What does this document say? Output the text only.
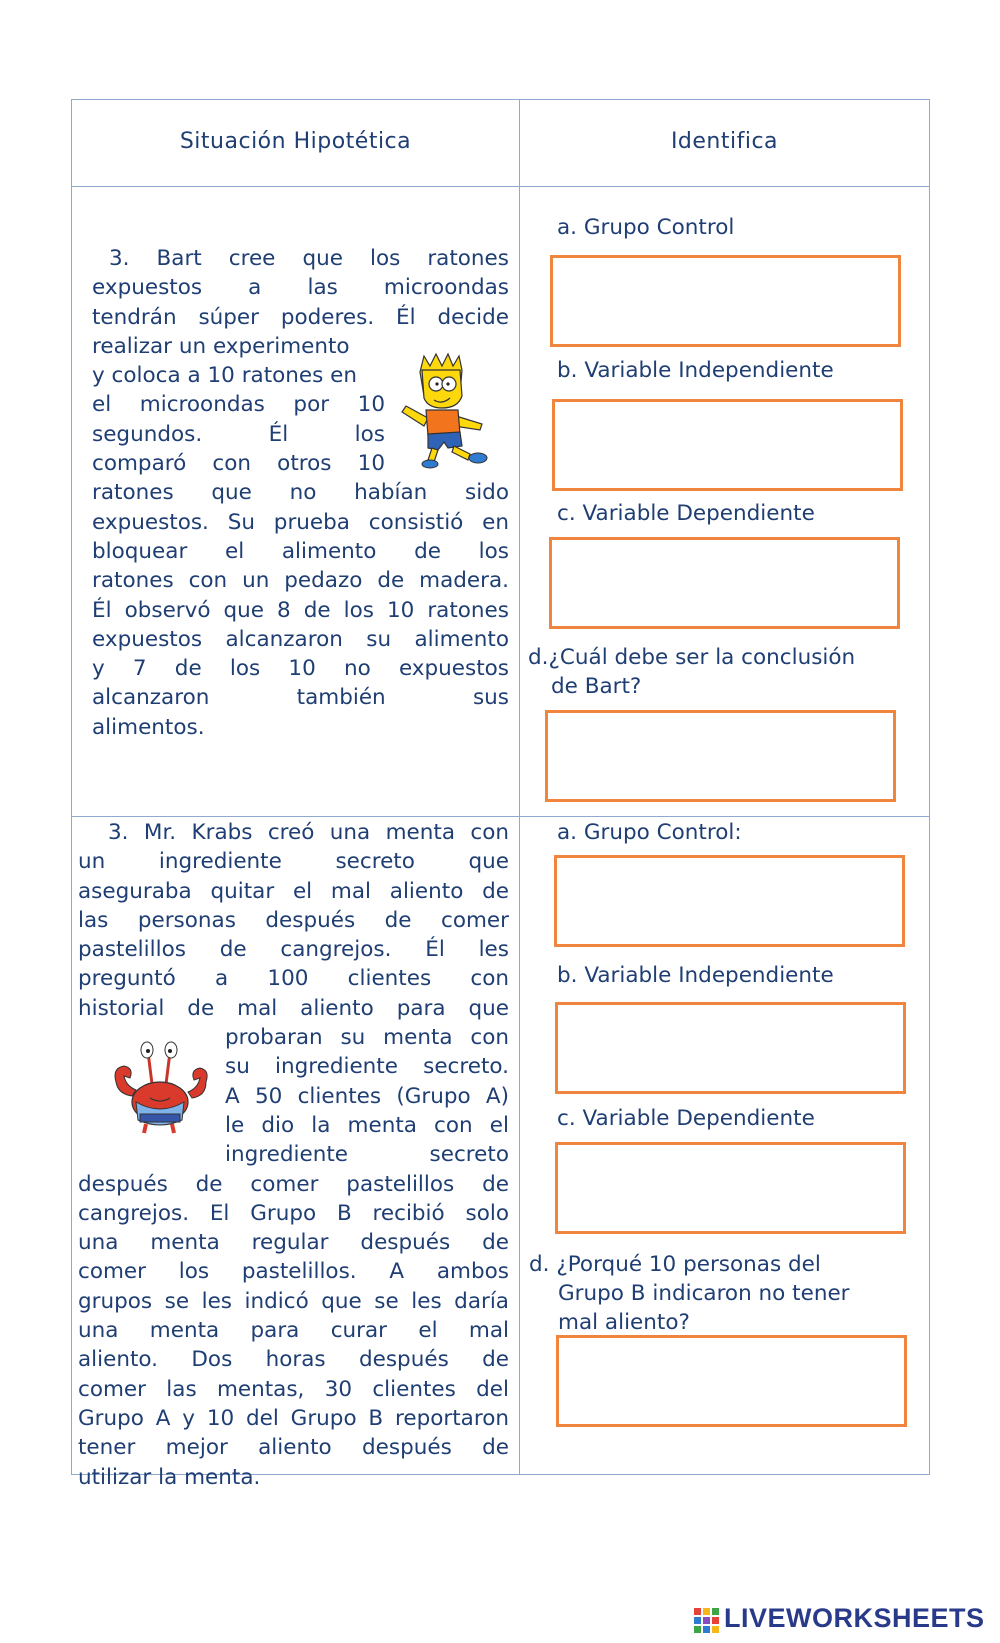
Situación Hipotética	Identifica
3. Bart cree que los ratones
expuestos a las microondas
tendrán súper poderes. Él decide
realizar un experimento
y coloca a 10 ratones en
el microondas por 10
segundos. Él los
comparó con otros 10
ratones que no habían sido
expuestos. Su prueba consistió en
bloquear el alimento de los
ratones con un pedazo de madera.
Él observó que 8 de los 10 ratones
expuestos alcanzaron su alimento
y 7 de los 10 no expuestos
alcanzaron también sus
alimentos.
a. Grupo Control
b. Variable Independiente
c. Variable Dependiente
d.¿Cuál debe ser la conclusión
de Bart?
3. Mr. Krabs creó una menta con
un ingrediente secreto que
aseguraba quitar el mal aliento de
las personas después de comer
pastelillos de cangrejos. Él les
preguntó a 100 clientes con
historial de mal aliento para que
probaran su menta con
su ingrediente secreto.
A 50 clientes (Grupo A)
le dio la menta con el
ingrediente secreto
después de comer pastelillos de
cangrejos. El Grupo B recibió solo
una menta regular después de
comer los pastelillos. A ambos
grupos se les indicó que se les daría
una menta para curar el mal
aliento. Dos horas después de
comer las mentas, 30 clientes del
Grupo A y 10 del Grupo B reportaron
tener mejor aliento después de
utilizar la menta.
a. Grupo Control:
b. Variable Independiente
c. Variable Dependiente
d. ¿Porqué 10 personas del
Grupo B indicaron no tener
mal aliento?
LIVEWORKSHEETS
